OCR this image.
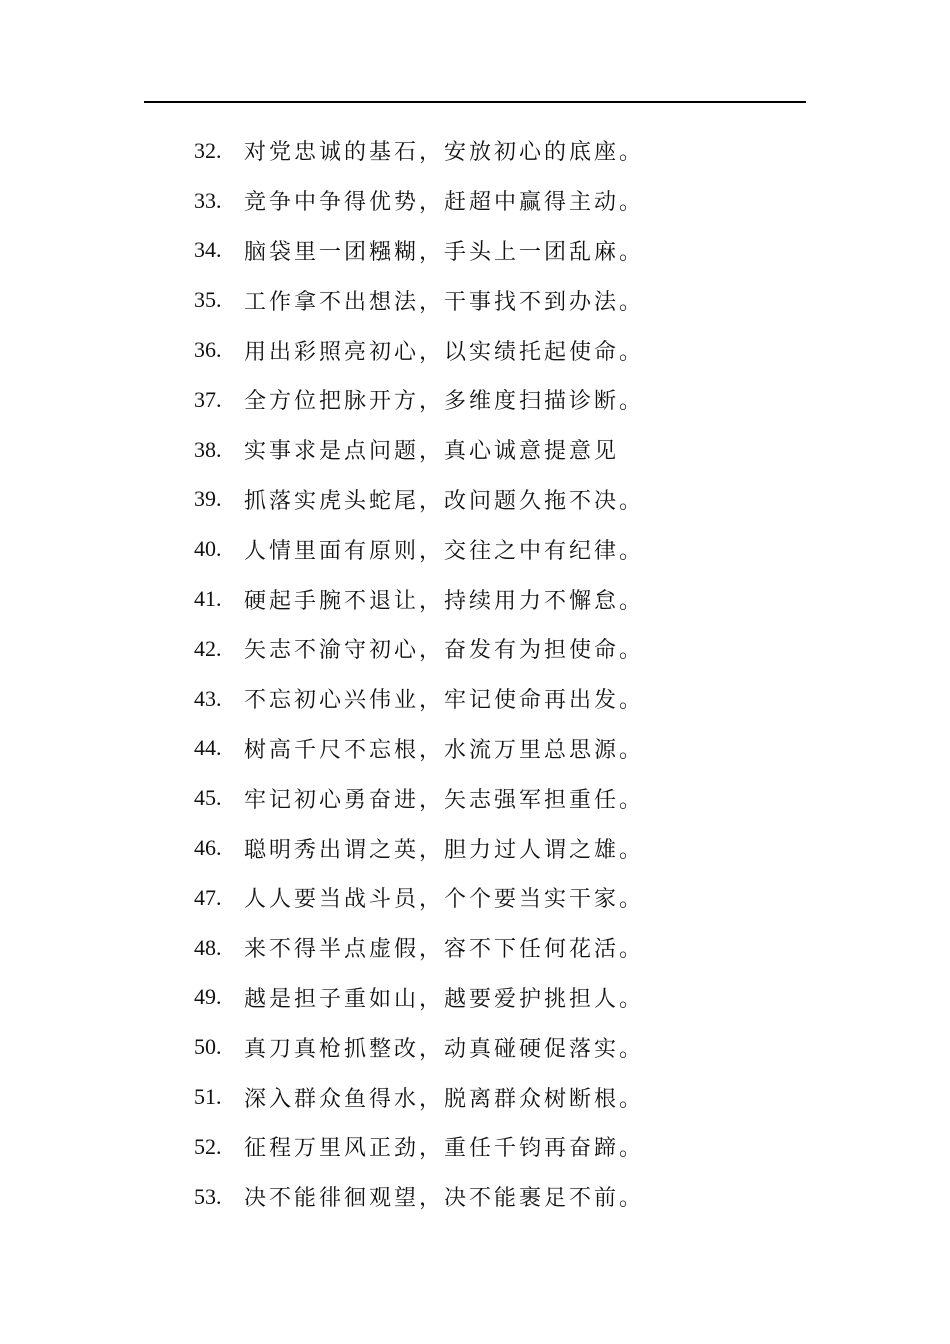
32.	对党忠诚的基石，安放初心的底座。
33.	竞争中争得优势，赶超中赢得主动。
34.	脑袋里一团糨糊，手头上一团乱麻。
35.	工作拿不出想法，干事找不到办法。
36.	用出彩照亮初心，以实绩托起使命。
37.	全方位把脉开方，多维度扫描诊断。
38.	实事求是点问题，真心诚意提意见
39.	抓落实虎头蛇尾，改问题久拖不决。
40.	人情里面有原则，交往之中有纪律。
41.	硬起手腕不退让，持续用力不懈怠。
42.	矢志不渝守初心，奋发有为担使命。
43.	不忘初心兴伟业，牢记使命再出发。
44.	树高千尺不忘根，水流万里总思源。
45.	牢记初心勇奋进，矢志强军担重任。
46.	聪明秀出谓之英，胆力过人谓之雄。
47.	人人要当战斗员，个个要当实干家。
48.	来不得半点虚假，容不下任何花活。
49.	越是担子重如山，越要爱护挑担人。
50.	真刀真枪抓整改，动真碰硬促落实。
51.	深入群众鱼得水，脱离群众树断根。
52.	征程万里风正劲，重任千钧再奋蹄。
53.	决不能徘徊观望，决不能裹足不前。
